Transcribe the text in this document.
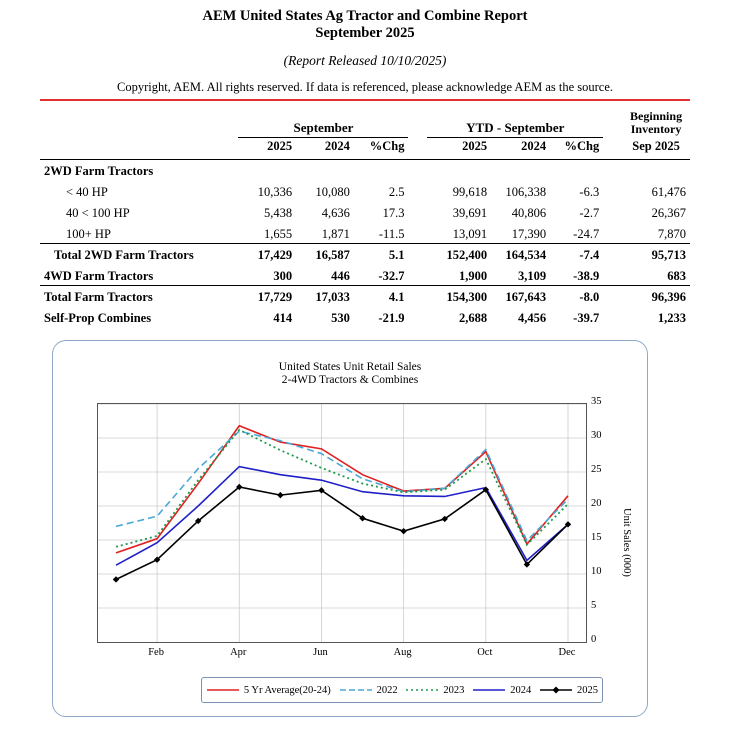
AEM United States Ag Tractor and Combine Report
September 2025
(Report Released 10/10/2025)
Copyright, AEM. All rights reserved. If data is referenced, please acknowledge AEM as the source.
	September				YTD - September				Beginning
Inventory
	2025	2024	%Chg		2025	2024	%Chg		Sep 2025

2WD Farm Tractors									
< 40 HP	10,336	10,080	2.5		99,618	106,338	-6.3		61,476
40 < 100 HP	5,438	4,636	17.3		39,691	40,806	-2.7		26,367
100+ HP	1,655	1,871	-11.5		13,091	17,390	-24.7		7,870
Total 2WD Farm Tractors	17,429	16,587	5.1		152,400	164,534	-7.4		95,713
4WD Farm Tractors	300	446	-32.7		1,900	3,109	-38.9		683
Total Farm Tractors	17,729	17,033	4.1		154,300	167,643	-8.0		96,396
Self-Prop Combines	414	530	-21.9		2,688	4,456	-39.7		1,233
United States Unit Retail Sales
2-4WD Tractors & Combines
0
5
10
15
20
25
30
35
Feb	Apr	Jun	Aug	Oct	Dec
Unit Sales (000)
5 Yr Average(20-24)	2022	2023	2024	2025
